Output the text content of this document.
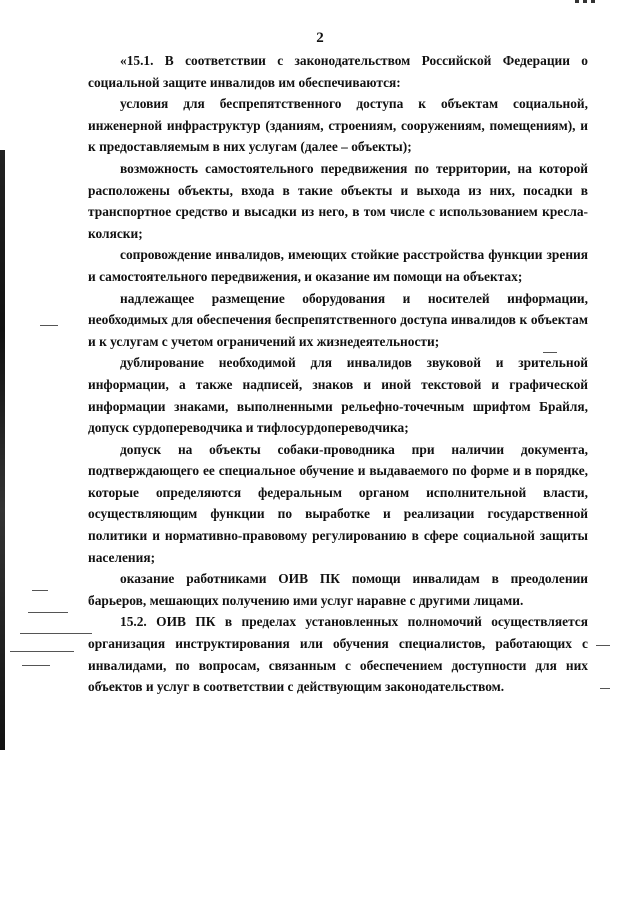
2

«15.1. В соответствии с законодательством Российской Федерации о социальной защите инвалидов им обеспечиваются:

условия для беспрепятственного доступа к объектам социальной, инженерной инфраструктур (зданиям, строениям, сооружениям, помещениям), и к предоставляемым в них услугам (далее – объекты);

возможность самостоятельного передвижения по территории, на которой расположены объекты, входа в такие объекты и выхода из них, посадки в транспортное средство и высадки из него, в том числе с использованием кресла-коляски;

сопровождение инвалидов, имеющих стойкие расстройства функции зрения и самостоятельного передвижения, и оказание им помощи на объектах;

надлежащее размещение оборудования и носителей информации, необходимых для обеспечения беспрепятственного доступа инвалидов к объектам и к услугам с учетом ограничений их жизнедеятельности;

дублирование необходимой для инвалидов звуковой и зрительной информации, а также надписей, знаков и иной текстовой и графической информации знаками, выполненными рельефно-точечным шрифтом Брайля, допуск сурдопереводчика и тифлосурдопереводчика;

допуск на объекты собаки-проводника при наличии документа, подтверждающего ее специальное обучение и выдаваемого по форме и в порядке, которые определяются федеральным органом исполнительной власти, осуществляющим функции по выработке и реализации государственной политики и нормативно-правовому регулированию в сфере социальной защиты населения;

оказание работниками ОИВ ПК помощи инвалидам в преодолении барьеров, мешающих получению ими услуг наравне с другими лицами.

15.2. ОИВ ПК в пределах установленных полномочий осуществляется организация инструктирования или обучения специалистов, работающих с инвалидами, по вопросам, связанным с обеспечением доступности для них объектов и услуг в соответствии с действующим законодательством.
